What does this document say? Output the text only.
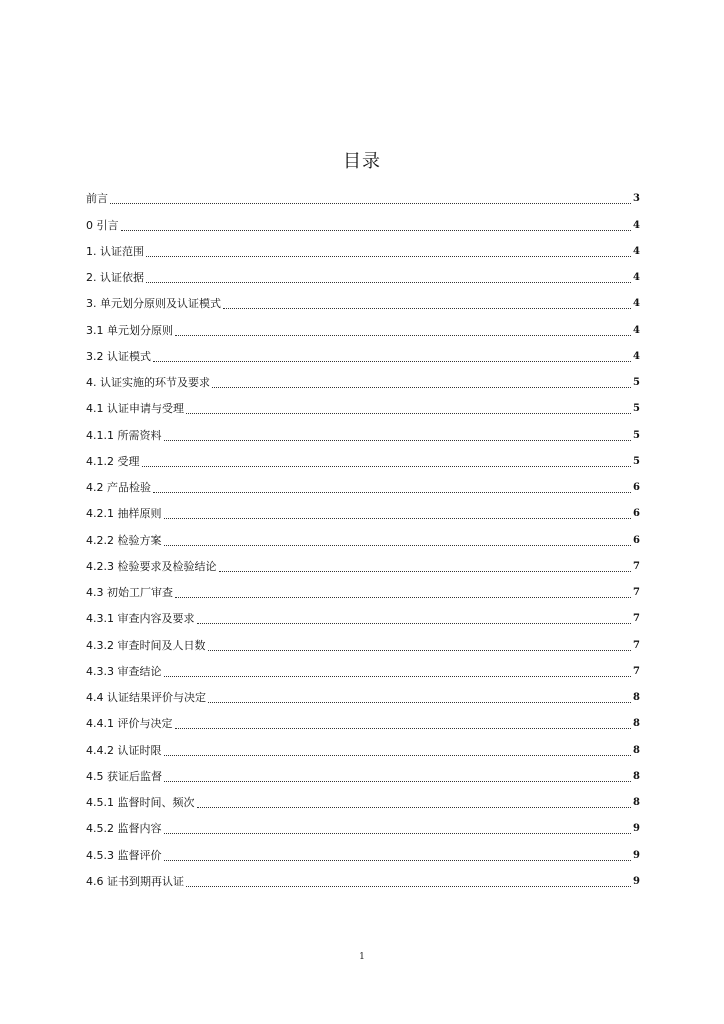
目录
前言	3
0 引言	4
1. 认证范围	4
2. 认证依据	4
3. 单元划分原则及认证模式	4
3.1 单元划分原则	4
3.2 认证模式	4
4. 认证实施的环节及要求	5
4.1 认证申请与受理	5
4.1.1 所需资料	5
4.1.2 受理	5
4.2 产品检验	6
4.2.1 抽样原则	6
4.2.2 检验方案	6
4.2.3 检验要求及检验结论	7
4.3 初始工厂审查	7
4.3.1 审查内容及要求	7
4.3.2 审查时间及人日数	7
4.3.3 审查结论	7
4.4 认证结果评价与决定	8
4.4.1 评价与决定	8
4.4.2 认证时限	8
4.5 获证后监督	8
4.5.1 监督时间、频次	8
4.5.2 监督内容	9
4.5.3 监督评价	9
4.6 证书到期再认证	9
1
